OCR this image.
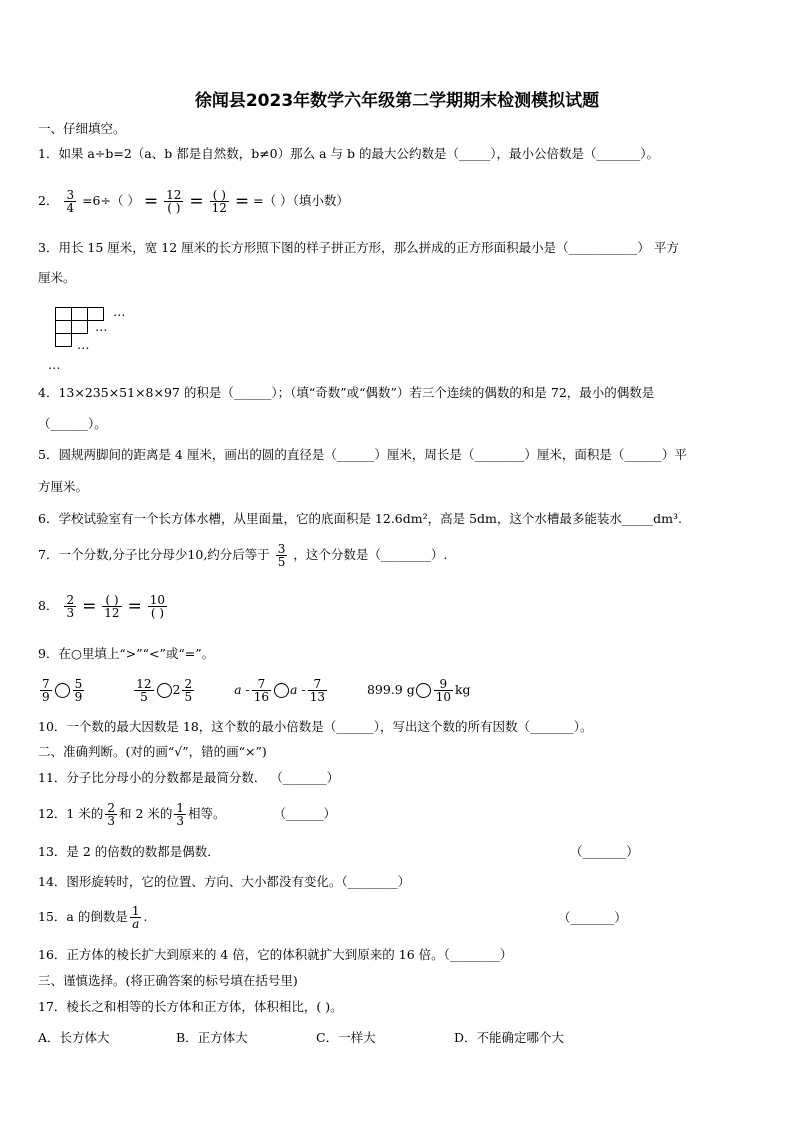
徐闻县2023年数学六年级第二学期期末检测模拟试题
一、仔细填空。
1．如果 a÷b=2（a、b 都是自然数，b≠0）那么 a 与 b 的最大公约数是（_____），最小公倍数是（_______）。
2． $\frac{3}{4} =6\div$（ ） = $\frac{12}{( )} = \frac{( )}{12}$ = =（ ）（填小数）
3．用长 15 厘米，宽 12 厘米的长方形照下图的样子拼正方形，那么拼成的正方形面积最小是（___________） 平方
厘米。
…
…
…
…
4．13×235×51×8×97 的积是（______）；（填“奇数”或“偶数”）若三个连续的偶数的和是 72，最小的偶数是
（______）。
5．圆规两脚间的距离是 4 厘米，画出的圆的直径是（______）厘米，周长是（________）厘米，面积是（______）平
方厘米。
6．学校试验室有一个长方体水槽，从里面量，它的底面积是 12.6dm²，高是 5dm，这个水槽最多能装水_____dm³.
7．一个分数,分子比分母少10,约分后等于 $\frac{3}{5}$ ，这个分数是（________）.
8． $\frac{2}{3} = \frac{( )}{12} = \frac{10}{( )}$
9．在○里填上“>”“<”或“=”。
$\frac{7}{9} \frac{5}{9}$
	$\frac{12}{5} 2 \frac{2}{5}$	a - $\frac{7}{16}$ a - $\frac{7}{13}$	899.9 g $\frac{9}{10}$ kg
10．一个数的最大因数是 18，这个数的最小倍数是（______），写出这个数的所有因数（_______）。
二、准确判断。(对的画“√”，错的画“×”)
11．分子比分母小的分数都是最简分数． （_______）
12．1 米的 $\frac{2}{3}$ 和 2 米的 $\frac{1}{3}$ 相等。	（______）
13．是 2 的倍数的数都是偶数．	（_______）
14．图形旋转时，它的位置、方向、大小都没有变化。（________）
15．a 的倒数是 $\frac{1}{a}$ .	（_______）
16．正方体的棱长扩大到原来的 4 倍，它的体积就扩大到原来的 16 倍。（________）
三、谨慎选择。(将正确答案的标号填在括号里)
17．棱长之和相等的长方体和正方体，体积相比，( )。
A．长方体大	B．正方体大	C．一样大	D．不能确定哪个大
